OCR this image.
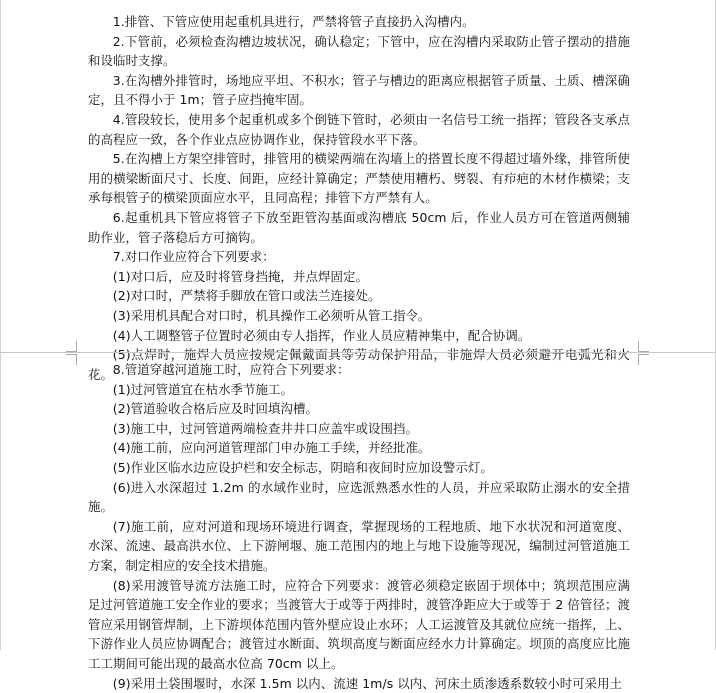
1.排管、下管应使用起重机具进行，严禁将管子直接扔入沟槽内。

2.下管前，必须检查沟槽边坡状况，确认稳定；下管中，应在沟槽内采取防止管子摆动的措施和设临时支撑。

3.在沟槽外排管时，场地应平坦、不积水；管子与槽边的距离应根据管子质量、土质、槽深确定，且不得小于 1m；管子应挡掩牢固。

4.管段较长，使用多个起重机或多个倒链下管时，必须由一名信号工统一指挥；管段各支承点的高程应一致，各个作业点应协调作业，保持管段水平下落。

5.在沟槽上方架空排管时，排管用的横梁两端在沟墙上的搭置长度不得超过墙外缘，排管所使用的横梁断面尺寸、长度、间距，应经计算确定；严禁使用糟朽、劈裂、有疖疤的木材作横梁；支承每根管子的横梁顶面应水平，且同高程；排管下方严禁有人。

6.起重机具下管应将管子下放至距管沟基面或沟槽底 50cm 后，作业人员方可在管道两侧辅助作业，管子落稳后方可摘钩。

7.对口作业应符合下列要求：

(1)对口后，应及时将管身挡掩，并点焊固定。

(2)对口时，严禁将手脚放在管口或法兰连接处。

(3)采用机具配合对口时，机具操作工必须听从管工指令。

(4)人工调整管子位置时必须由专人指挥，作业人员应精神集中，配合协调。

(5)点焊时，施焊人员应按规定佩戴面具等劳动保护用品，非施焊人员必须避开电弧光和火花。 8.管道穿越河道施工时，应符合下列要求：

(1)过河管道宜在枯水季节施工。

(2)管道验收合格后应及时回填沟槽。

(3)施工中，过河管道两端检查井井口应盖牢或设围挡。

(4)施工前，应向河道管理部门申办施工手续，并经批准。

(5)作业区临水边应设护栏和安全标志，阴暗和夜间时应加设警示灯。

(6)进入水深超过 1.2m 的水域作业时，应选派熟悉水性的人员，并应采取防止溺水的安全措施。

(7)施工前，应对河道和现场环境进行调查，掌握现场的工程地质、地下水状况和河道宽度、水深、流速、最高洪水位、上下游闸堰、施工范围内的地上与地下设施等现况，编制过河管道施工方案，制定相应的安全技术措施。

(8)采用渡管导流方法施工时，应符合下列要求：渡管必须稳定嵌固于坝体中；筑坝范围应满足过河管道施工安全作业的要求；当渡管大于或等于两排时，渡管净距应大于或等于 2 倍管径；渡管应采用钢管焊制，上下游坝体范围内管外壁应设止水环；人工运渡管及其就位应统一指挥，上、下游作业人员应协调配合；渡管过水断面、筑坝高度与断面应经水力计算确定。坝顶的高度应比施工工期间可能出现的最高水位高 70cm 以上。

(9)采用土袋围堰时，水深 1.5m 以内、流速 1m/s 以内、河床土质渗透系数较小时可采用土
